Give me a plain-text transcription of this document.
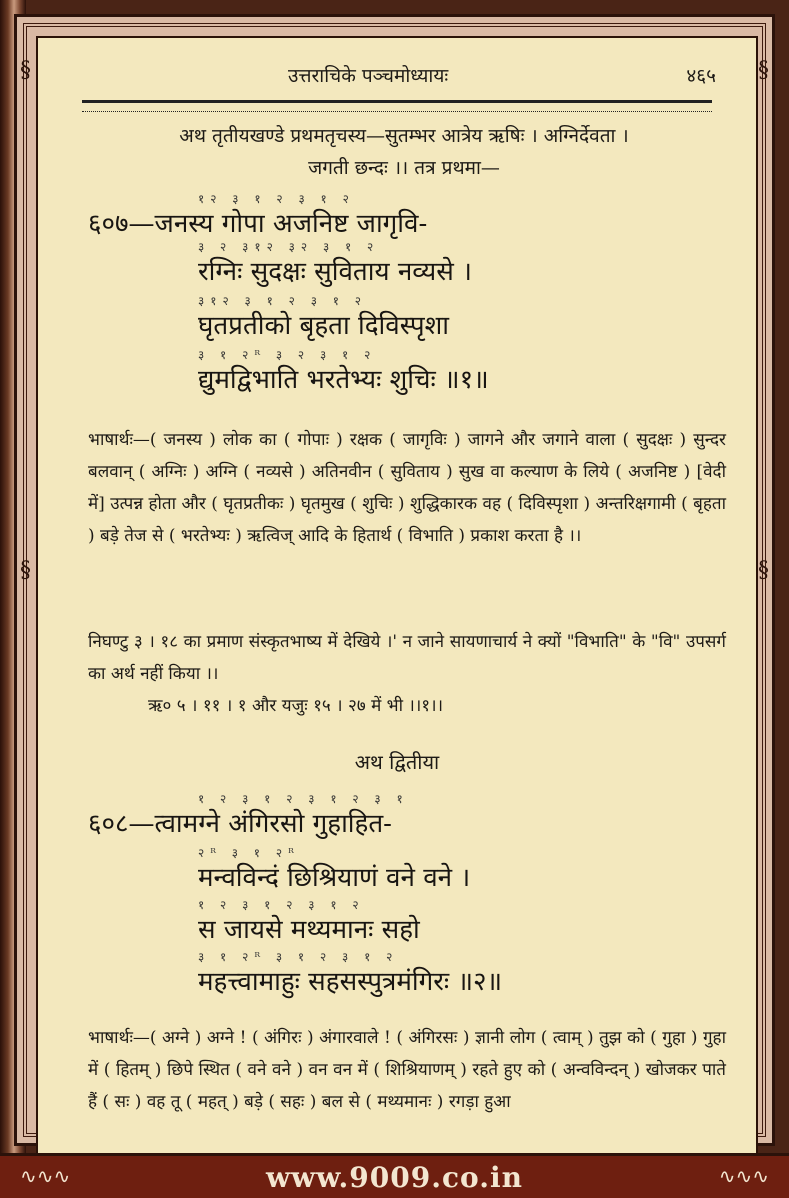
§
§
§
§
उत्तराचिके पञ्चमोध्यायः	४६५
अथ तृतीयखण्डे प्रथमतृचस्य—सुतम्भर आत्रेय ऋषिः । अग्निर्देवता ।
जगती छन्दः ।। तत्र प्रथमा—
१२ ३ १ २ ३ १ २
६०७—जनस्य गोपा अजनिष्ट जागृवि-
३ २ ३१२ ३२ ३ १ २
रग्निः सुदक्षः सुविताय नव्यसे ।
३१२ ३ १ २ ३ १ २
घृतप्रतीको बृहता दिविस्पृशा
३ १ २ᴿ ३ २ ३ १ २
द्युमद्विभाति भरतेभ्यः शुचिः ॥१॥
भाषार्थः—( जनस्य ) लोक का ( गोपाः ) रक्षक ( जागृविः ) जागने और जगाने वाला ( सुदक्षः ) सुन्दर बलवान् ( अग्निः ) अग्नि ( नव्यसे ) अतिनवीन ( सुविताय ) सुख वा कल्याण के लिये ( अजनिष्ट ) [वेदी में] उत्पन्न होता और ( घृतप्रतीकः ) घृतमुख ( शुचिः ) शुद्धिकारक वह ( दिविस्पृशा ) अन्तरिक्षगामी ( बृहता ) बड़े तेज से ( भरतेभ्यः ) ऋत्विज् आदि के हितार्थ ( विभाति ) प्रकाश करता है ।।
निघण्टु ३ । १८ का प्रमाण संस्कृतभाष्य में देखिये ।' न जाने सायणाचार्य ने क्यों "विभाति" के "वि" उपसर्ग का अर्थ नहीं किया ।।
ऋ० ५ । ११ । १ और यजुः १५ । २७ में भी ।।१।।
अथ द्वितीया
१ २ ३ १ २ ३ १ २ ३ १
६०८—त्वामग्ने अंगिरसो गुहाहित-
२ᴿ ३ १ २ᴿ
मन्वविन्दं छिश्रियाणं वने वने ।
१ २ ३ १ २ ३ १ २
स जायसे मथ्यमानः सहो
३ १ २ᴿ ३ १ २ ३ १ २
महत्त्वामाहुः सहसस्पुत्रमंगिरः ॥२॥
भाषार्थः—( अग्ने ) अग्ने ! ( अंगिरः ) अंगारवाले ! ( अंगिरसः ) ज्ञानी लोग ( त्वाम् ) तुझ को ( गुहा ) गुहा में ( हितम् ) छिपे स्थित ( वने वने ) वन वन में ( शिश्रियाणम् ) रहते हुए को ( अन्वविन्दन् ) खोजकर पाते हैं ( सः ) वह तू ( महत् ) बड़े ( सहः ) बल से ( मथ्यमानः ) रगड़ा हुआ
∿∿∿	∿∿∿
www.9009.co.in
